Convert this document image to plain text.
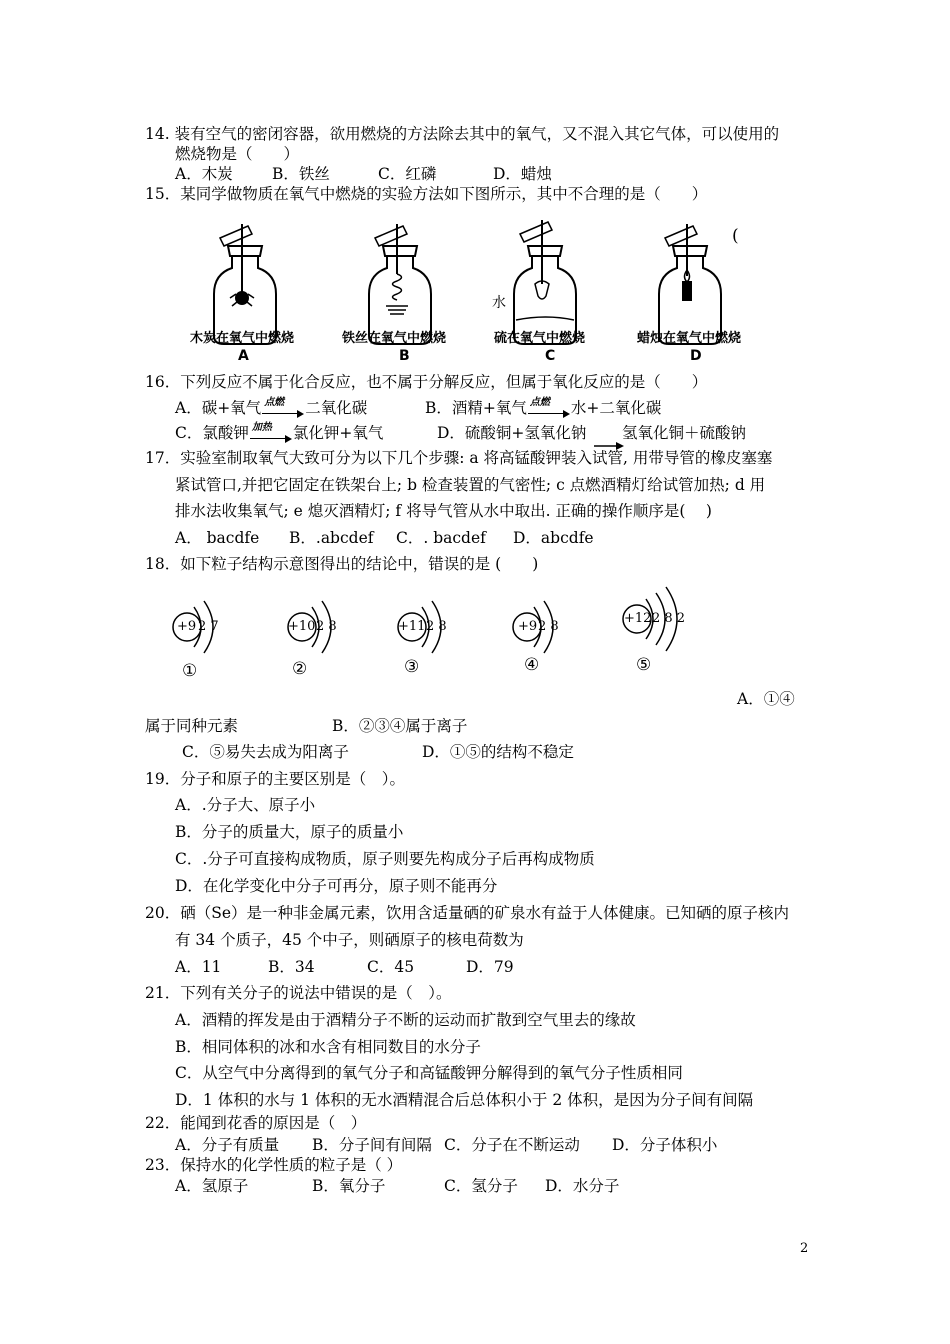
14. 装有空气的密闭容器，欲用燃烧的方法除去其中的氧气，又不混入其它气体，可以使用的
燃烧物是（　　）
A．木炭	B．铁丝	C．红磷	D．蜡烛
15．某同学做物质在氧气中燃烧的实验方法如下图所示，其中不合理的是（　　）
(
水
木炭在氧气中燃烧	铁丝在氧气中燃烧	硫在氧气中燃烧	蜡烛在氧气中燃烧
A	B	C	D
16．下列反应不属于化合反应，也不属于分解反应，但属于氧化反应的是（　　）
A．碳+氧气 点燃 二氧化碳	B．酒精+氧气 点燃 水+二氧化碳
C．氯酸钾 加热 氯化钾+氧气	D．硫酸铜+氢氧化钠 氢氧化铜＋硫酸钠
17．实验室制取氧气大致可分为以下几个步骤: a 将高锰酸钾装入试管, 用带导管的橡皮塞塞
紧试管口,并把它固定在铁架台上; b 检查装置的气密性; c 点燃酒精灯给试管加热; d 用
排水法收集氧气; e 熄灭酒精灯; f 将导气管从水中取出. 正确的操作顺序是(　 )
A． bacdfe B．.abcdef C．. bacdef D．abcdfe
18．如下粒子结构示意图得出的结论中，错误的是 (　　)
+9 2 7	+10 2 8	+11 2 8	+9 2 8
+12 2 8 2
①	②	③	④	⑤
A．①④
属于同种元素	B．②③④属于离子
C．⑤易失去成为阳离子	D．①⑤的结构不稳定
19．分子和原子的主要区别是（　）。
A．.分子大、原子小
B．分子的质量大，原子的质量小
C．.分子可直接构成物质，原子则要先构成分子后再构成物质
D．在化学变化中分子可再分，原子则不能再分
20．硒（Se）是一种非金属元素，饮用含适量硒的矿泉水有益于人体健康。已知硒的原子核内
有 34 个质子，45 个中子，则硒原子的核电荷数为
A．11	B．34	C．45	D．79
21．下列有关分子的说法中错误的是（　）。
A．酒精的挥发是由于酒精分子不断的运动而扩散到空气里去的缘故
B．相同体积的冰和水含有相同数目的水分子
C．从空气中分离得到的氧气分子和高锰酸钾分解得到的氧气分子性质相同
D．1 体积的水与 1 体积的无水酒精混合后总体积小于 2 体积，是因为分子间有间隔
22．能闻到花香的原因是（　）
A．分子有质量 B．分子间有间隔 C．分子在不断运动 D．分子体积小
23．保持水的化学性质的粒子是（ ）
A．氢原子	B．氧分子	C．氢分子 D．水分子
2
